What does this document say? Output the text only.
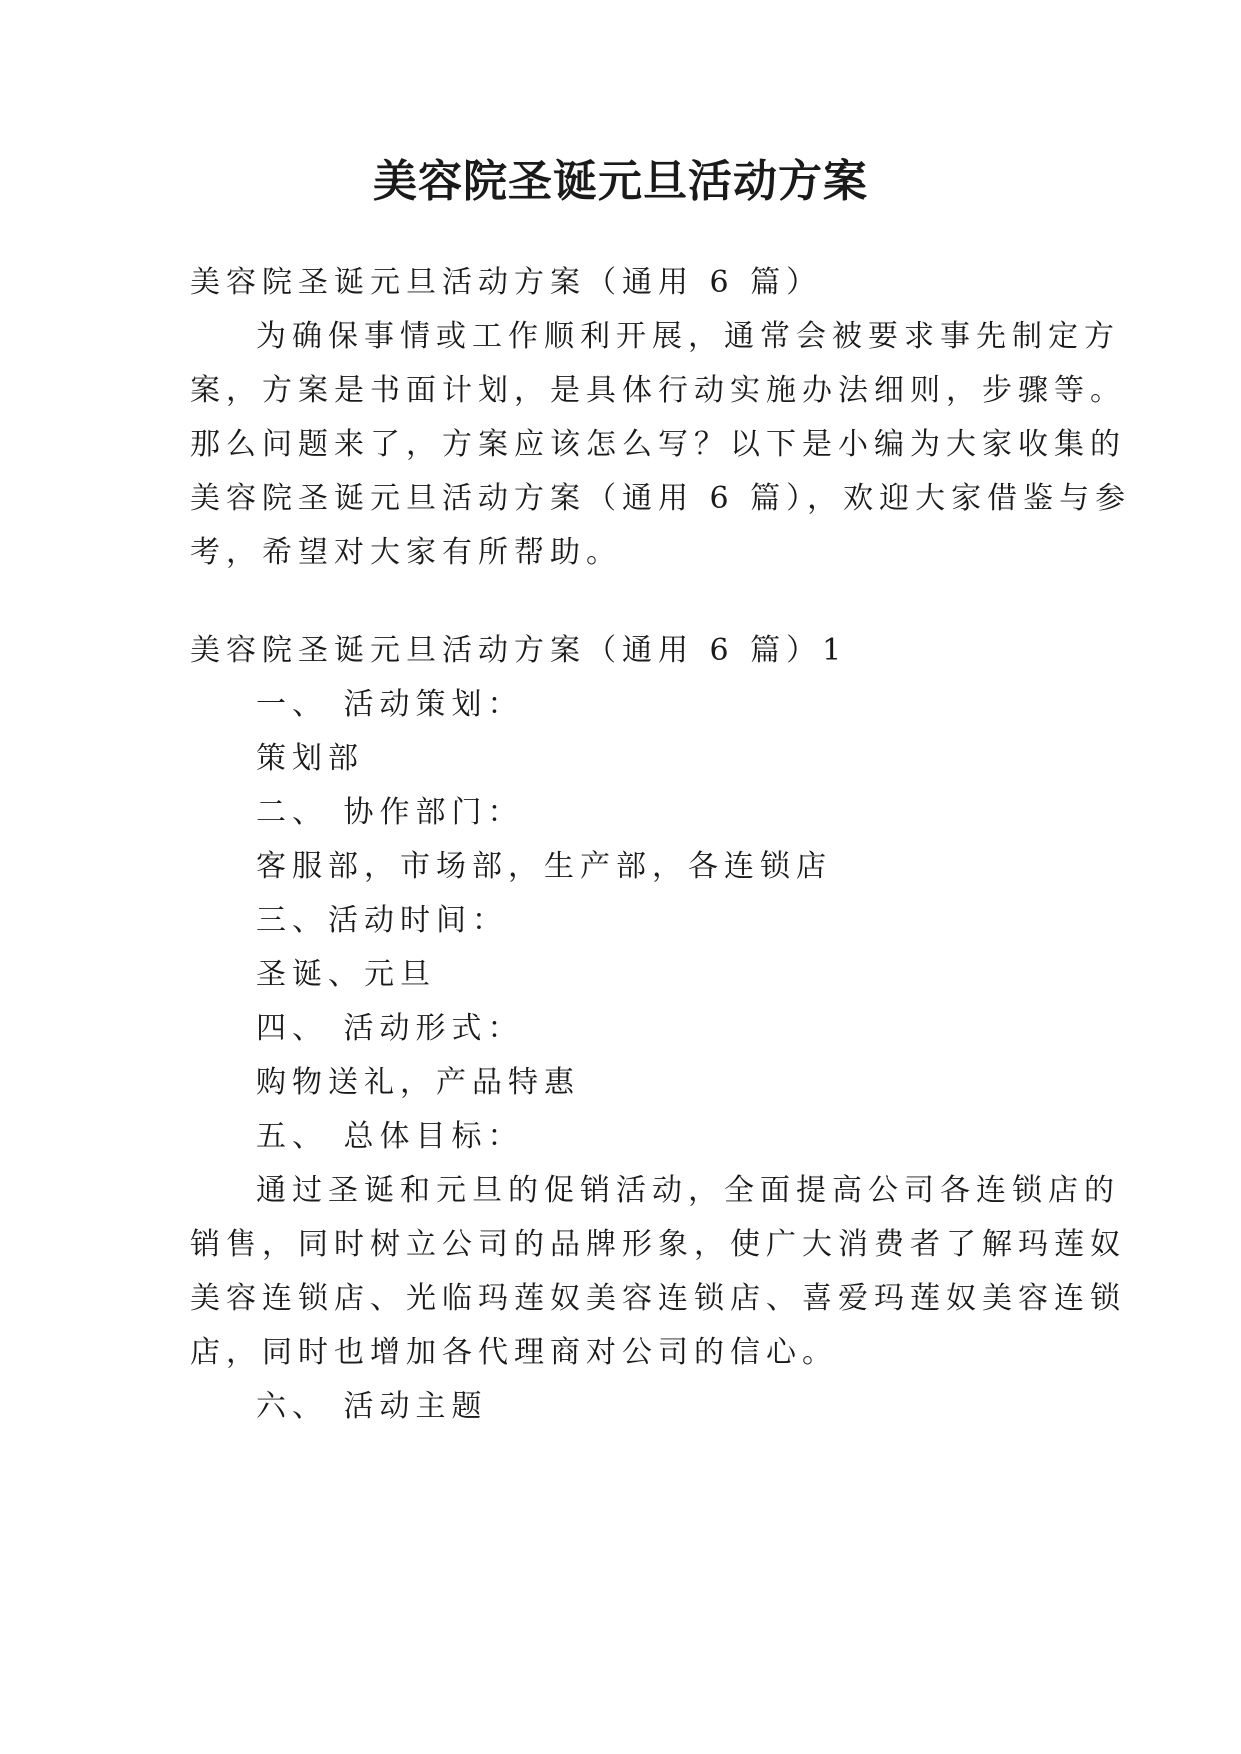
美容院圣诞元旦活动方案
美容院圣诞元旦活动方案（通用 6 篇）
为确保事情或工作顺利开展，通常会被要求事先制定方
案，方案是书面计划，是具体行动实施办法细则，步骤等。
那么问题来了，方案应该怎么写？以下是小编为大家收集的
美容院圣诞元旦活动方案（通用 6 篇），欢迎大家借鉴与参
考，希望对大家有所帮助。
美容院圣诞元旦活动方案（通用 6 篇）1
一、 活动策划：
策划部
二、 协作部门：
客服部，市场部，生产部，各连锁店
三、活动时间：
圣诞、元旦
四、 活动形式：
购物送礼，产品特惠
五、 总体目标：
通过圣诞和元旦的促销活动，全面提高公司各连锁店的
销售，同时树立公司的品牌形象，使广大消费者了解玛莲奴
美容连锁店、光临玛莲奴美容连锁店、喜爱玛莲奴美容连锁
店，同时也增加各代理商对公司的信心。
六、 活动主题
